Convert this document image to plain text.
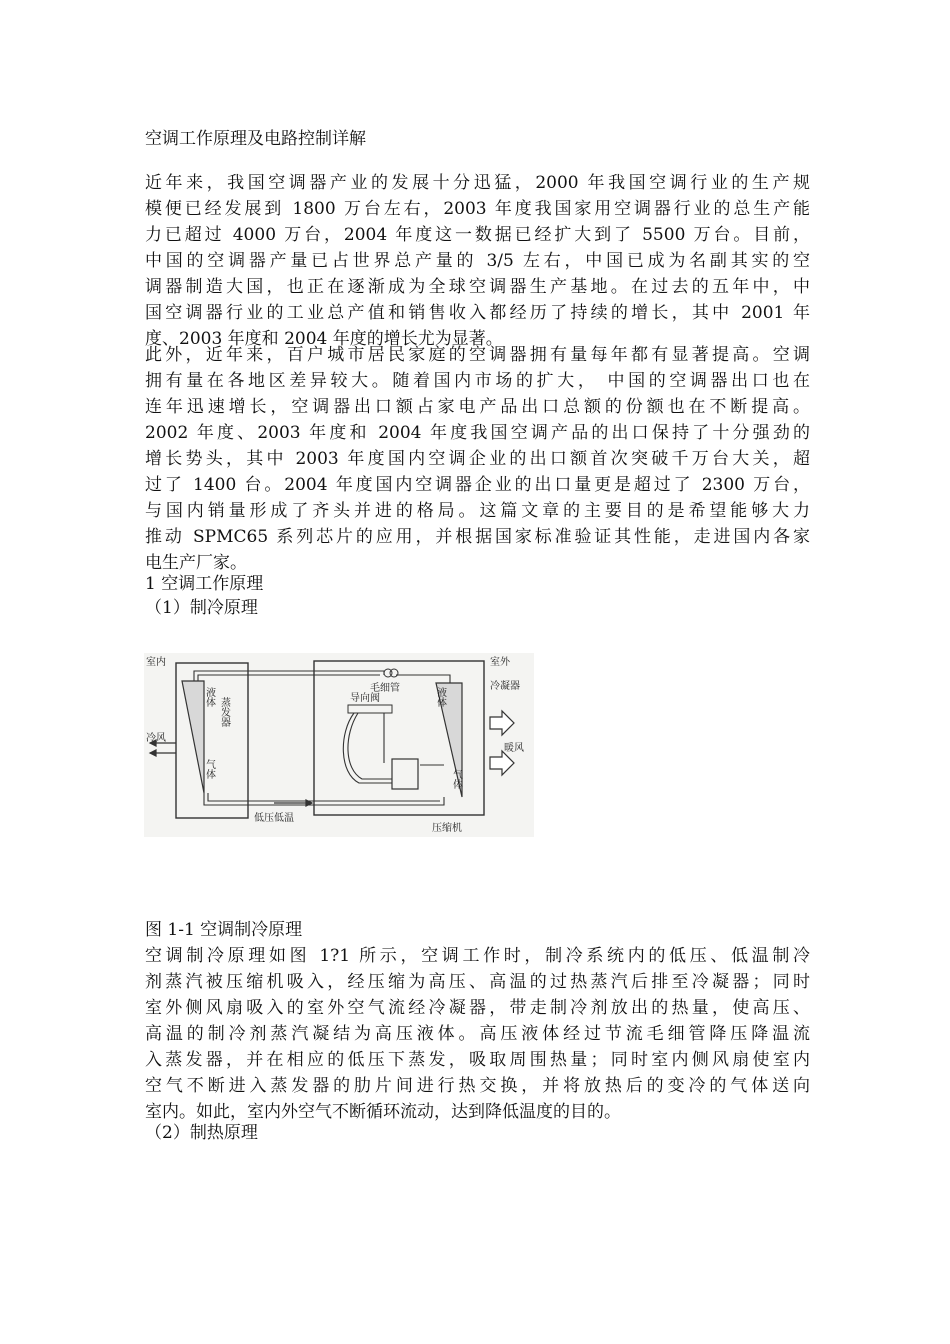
空调工作原理及电路控制详解
近年来，我国空调器产业的发展十分迅猛，2000 年我国空调行业的生产规
模便已经发展到 1800 万台左右，2003 年度我国家用空调器行业的总生产能
力已超过 4000 万台，2004 年度这一数据已经扩大到了 5500 万台。目前，
中国的空调器产量已占世界总产量的 3/5 左右，中国已成为名副其实的空
调器制造大国，也正在逐渐成为全球空调器生产基地。在过去的五年中，中
国空调器行业的工业总产值和销售收入都经历了持续的增长，其中 2001 年
度、2003 年度和 2004 年度的增长尤为显著。
此外，近年来，百户城市居民家庭的空调器拥有量每年都有显著提高。空调
拥有量在各地区差异较大。随着国内市场的扩大， 中国的空调器出口也在
连年迅速增长，空调器出口额占家电产品出口总额的份额也在不断提高。
2002 年度、2003 年度和 2004 年度我国空调产品的出口保持了十分强劲的
增长势头，其中 2003 年度国内空调企业的出口额首次突破千万台大关，超
过了 1400 台。2004 年度国内空调器企业的出口量更是超过了 2300 万台，
与国内销量形成了齐头并进的格局。这篇文章的主要目的是希望能够大力
推动 SPMC65 系列芯片的应用，并根据国家标准验证其性能，走进国内各家
电生产厂家。
1 空调工作原理
（1）制冷原理
室内	室外
毛细管	冷凝器
导向阀
冷风
暖风
低压低温
压缩机
液体 蒸发器
气体
液体
气体
图 1-1 空调制冷原理
空调制冷原理如图 1?1 所示，空调工作时，制冷系统内的低压、低温制冷
剂蒸汽被压缩机吸入，经压缩为高压、高温的过热蒸汽后排至冷凝器；同时
室外侧风扇吸入的室外空气流经冷凝器，带走制冷剂放出的热量，使高压、
高温的制冷剂蒸汽凝结为高压液体。高压液体经过节流毛细管降压降温流
入蒸发器，并在相应的低压下蒸发，吸取周围热量；同时室内侧风扇使室内
空气不断进入蒸发器的肋片间进行热交换，并将放热后的变冷的气体送向
室内。如此，室内外空气不断循环流动，达到降低温度的目的。
（2）制热原理
